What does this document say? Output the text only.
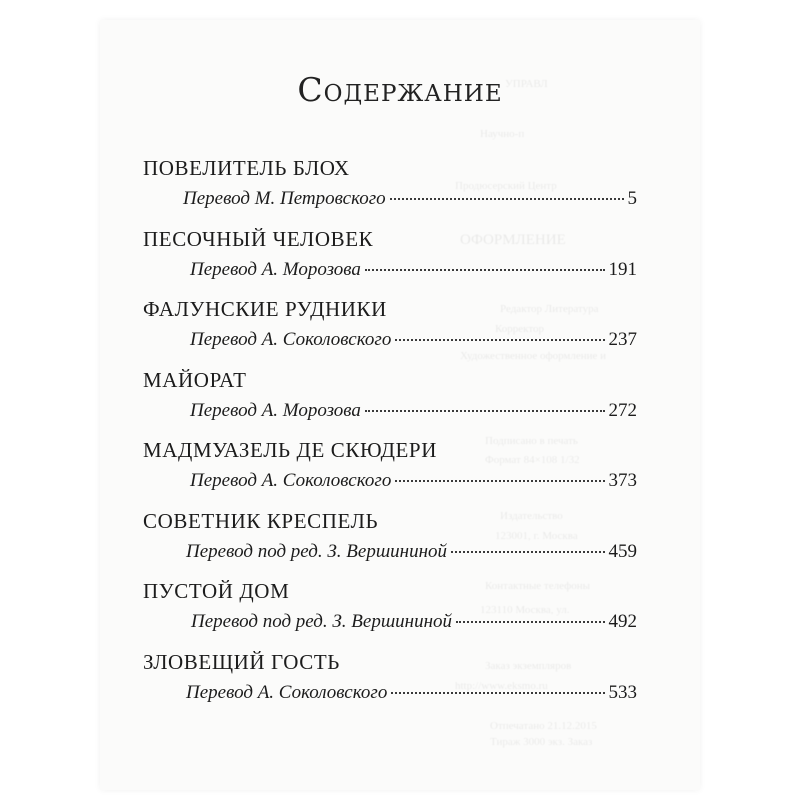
УПРАВЛ
Научно-п
Продюсерский Центр
ОФОРМЛЕНИЕ
Редактор Литература
Корректор
Художественное оформление и
Подписано в печать
Формат 84×108 1/32
Издательство
123001, г. Москва
Контактные телефоны
123110 Москва, ул.
Заказ экземпляров
http://www.eksmo.ru
Отпечатано 21.12.2015
Тираж 3000 экз. Заказ
Содержание
ПОВЕЛИТЕЛЬ БЛОХ
Перевод М. Петровского	5
ПЕСОЧНЫЙ ЧЕЛОВЕК
Перевод А. Морозова	191
ФАЛУНСКИЕ РУДНИКИ
Перевод А. Соколовского	237
МАЙОРАТ
Перевод А. Морозова	272
МАДМУАЗЕЛЬ ДЕ СКЮДЕРИ
Перевод А. Соколовского	373
СОВЕТНИК КРЕСПЕЛЬ
Перевод под ред. З. Вершининой	459
ПУСТОЙ ДОМ
Перевод под ред. З. Вершининой	492
ЗЛОВЕЩИЙ ГОСТЬ
Перевод А. Соколовского	533
